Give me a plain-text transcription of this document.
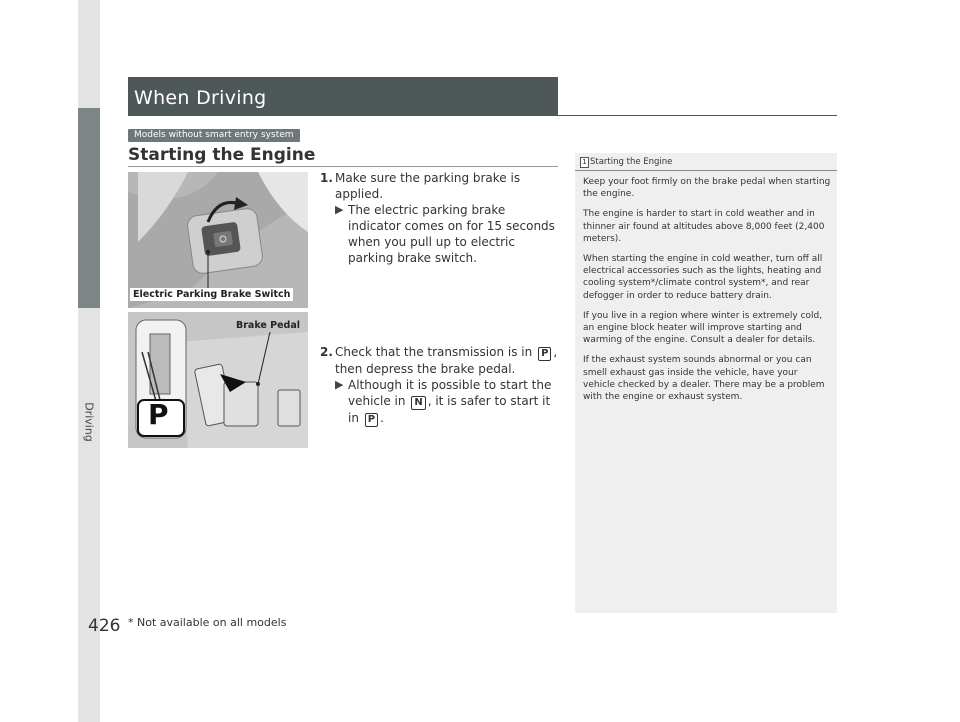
Driving
When Driving
Models without smart entry system
Starting the Engine
Electric Parking Brake Switch
P
Brake Pedal
1. Make sure the parking brake is applied.
▶ The electric parking brake indicator comes on for 15 seconds when you pull up to electric parking brake switch.
2. Check that the transmission is in P , then depress the brake pedal.
▶ Although it is possible to start the vehicle in N , it is safer to start it in P .
1 Starting the Engine

Keep your foot firmly on the brake pedal when starting the engine.

The engine is harder to start in cold weather and in thinner air found at altitudes above 8,000 feet (2,400 meters).

When starting the engine in cold weather, turn off all electrical accessories such as the lights, heating and cooling system*/climate control system*, and rear defogger in order to reduce battery drain.

If you live in a region where winter is extremely cold, an engine block heater will improve starting and warming of the engine. Consult a dealer for details.

If the exhaust system sounds abnormal or you can smell exhaust gas inside the vehicle, have your vehicle checked by a dealer. There may be a problem with the engine or exhaust system.

426 * Not available on all models
